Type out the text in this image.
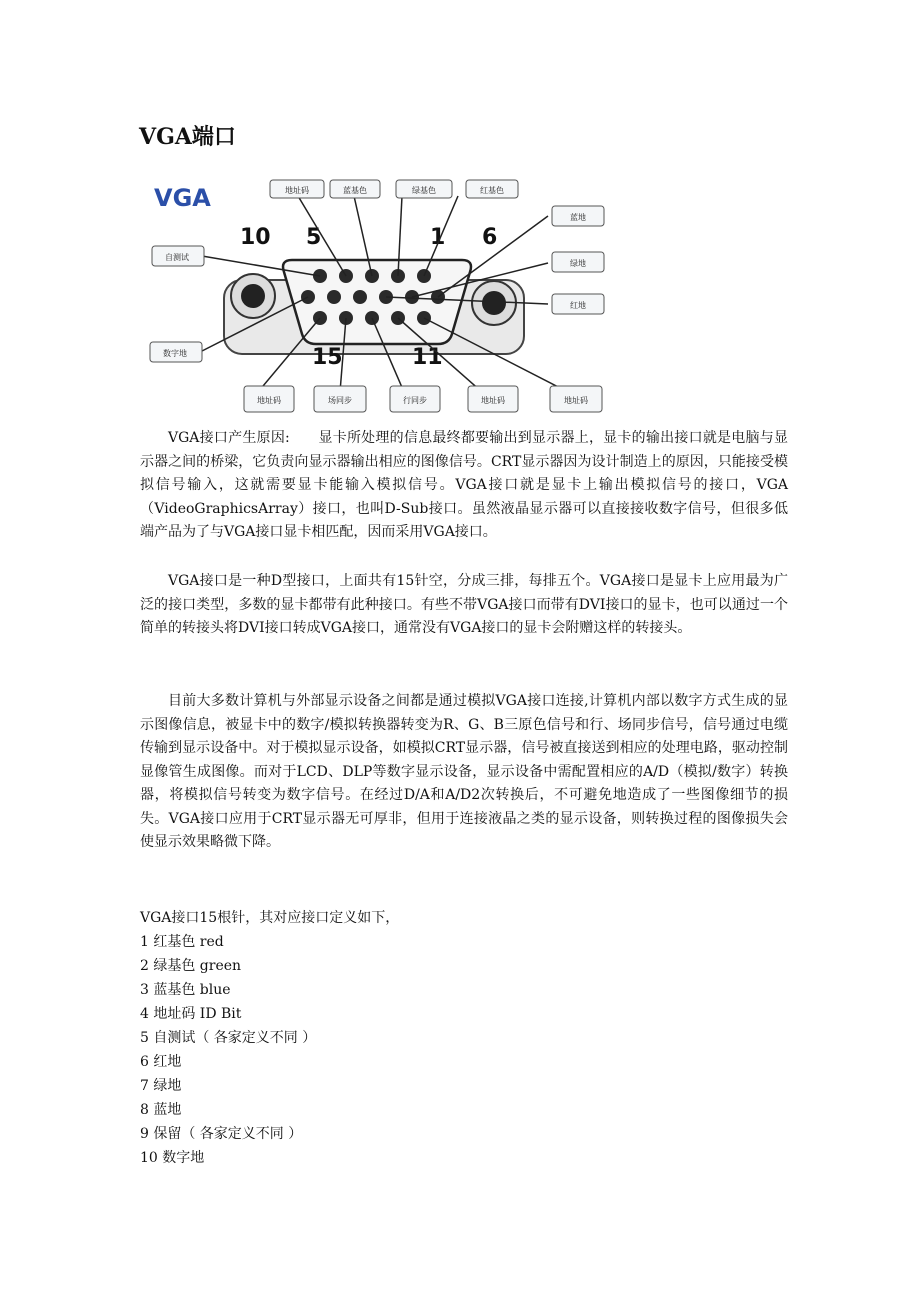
VGA端口
VGA
10 5	1 6
15	11
地址码	蓝基色	绿基色	红基色
蓝地
绿地
红地
自测试
数字地
地址码	场同步	行同步	地址码	地址码

VGA接口产生原因:　　显卡所处理的信息最终都要输出到显示器上，显卡的输出接口就是电脑与显示器之间的桥梁，它负责向显示器输出相应的图像信号。CRT显示器因为设计制造上的原因，只能接受模拟信号输入，这就需要显卡能输入模拟信号。VGA接口就是显卡上输出模拟信号的接口，VGA（VideoGraphicsArray）接口，也叫D-Sub接口。虽然液晶显示器可以直接接收数字信号，但很多低端产品为了与VGA接口显卡相匹配，因而采用VGA接口。

VGA接口是一种D型接口，上面共有15针空，分成三排，每排五个。VGA接口是显卡上应用最为广泛的接口类型，多数的显卡都带有此种接口。有些不带VGA接口而带有DVI接口的显卡，也可以通过一个简单的转接头将DVI接口转成VGA接口，通常没有VGA接口的显卡会附赠这样的转接头。

目前大多数计算机与外部显示设备之间都是通过模拟VGA接口连接,计算机内部以数字方式生成的显示图像信息，被显卡中的数字/模拟转换器转变为R、G、B三原色信号和行、场同步信号，信号通过电缆传输到显示设备中。对于模拟显示设备，如模拟CRT显示器，信号被直接送到相应的处理电路，驱动控制显像管生成图像。而对于LCD、DLP等数字显示设备，显示设备中需配置相应的A/D（模拟/数字）转换器，将模拟信号转变为数字信号。在经过D/A和A/D2次转换后，不可避免地造成了一些图像细节的损失。VGA接口应用于CRT显示器无可厚非，但用于连接液晶之类的显示设备，则转换过程的图像损失会使显示效果略微下降。

VGA接口15根针，其对应接口定义如下，
1 红基色 red
2 绿基色 green
3 蓝基色 blue
4 地址码 ID Bit
5 自测试（ 各家定义不同 ）
6 红地
7 绿地
8 蓝地
9 保留（ 各家定义不同 ）
10 数字地
